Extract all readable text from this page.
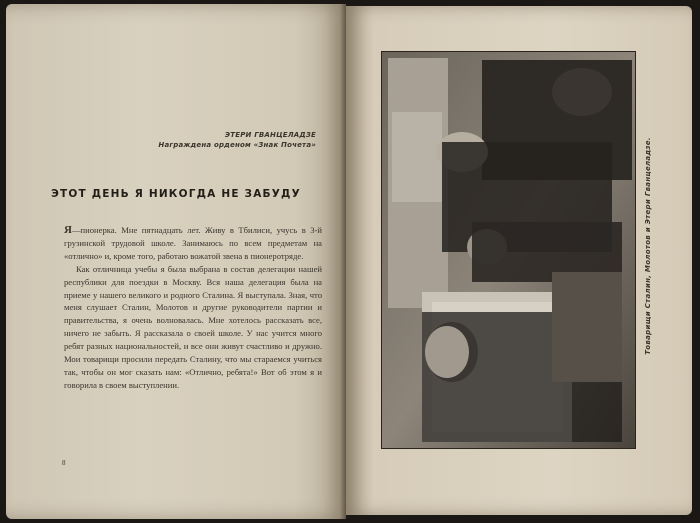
ЭТЕРИ ГВАНЦЕЛАДЗЕ
Награждена орденом «Знак Почета»
ЭТОТ ДЕНЬ Я НИКОГДА НЕ ЗАБУДУ

Я—пионерка. Мне пятнадцать лет. Живу в Тбилиси, учусь в 3-й грузинской трудовой школе. Занимаюсь по всем предметам на «отлично» и, кроме того, работаю вожатой звена в пионеротряде.

Как отличница учебы я была выбрана в состав делегации нашей республики для поездки в Москву. Вся наша делегация была на приеме у нашего великого и родного Сталина. Я выступала. Зная, что меня слушает Сталин, Молотов и другие руководители партии и правительства, я очень волновалась. Мне хотелось рассказать все, ничего не забыть. Я рассказала о своей школе. У нас учится много ребят разных национальностей, и все они живут счастливо и дружно. Мои товарищи просили передать Сталину, что мы стараемся учиться так, чтобы он мог сказать нам: «Отлично, ребята!» Вот об этом я и говорила в своем выступлении.

8
Товарищи Сталин, Молотов и Этери Гванцеладзе.
